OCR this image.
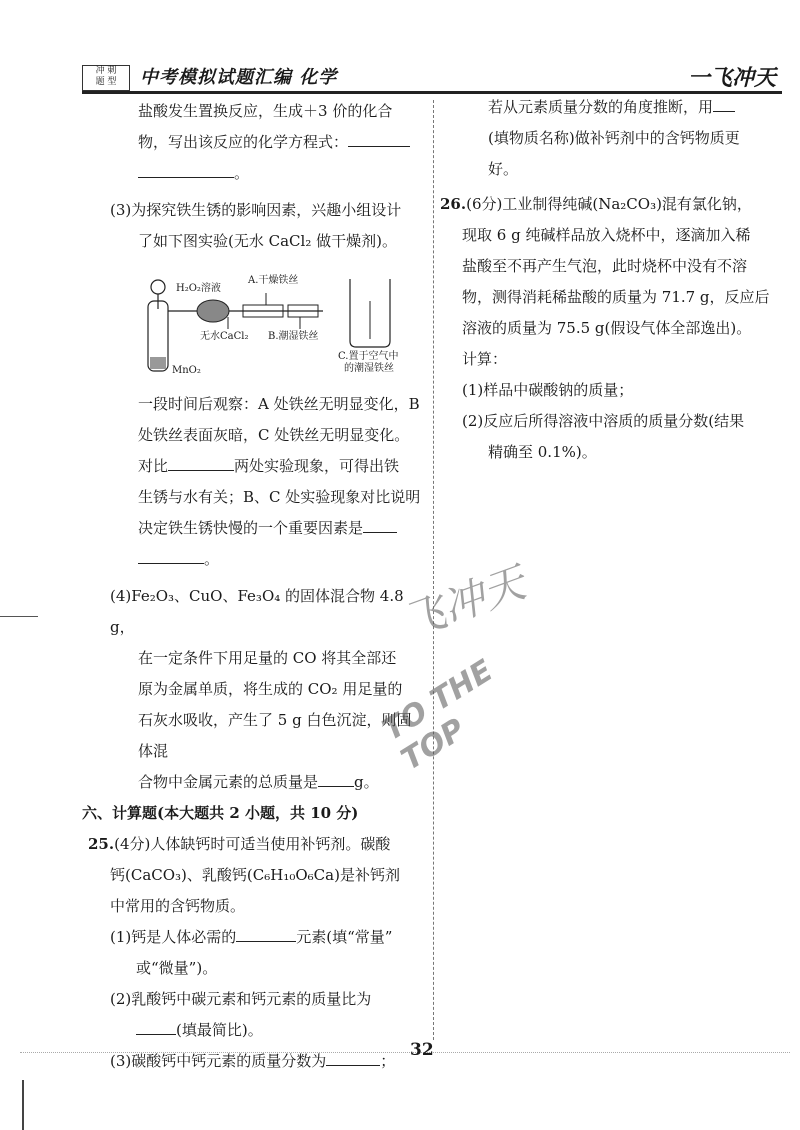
冲 刺
题 型	中考模拟试题汇编 化学	一飞冲天

盐酸发生置换反应，生成＋3 价的化合

物，写出该反应的化学方程式：

。

(3)为探究铁生锈的影响因素，兴趣小组设计

了如下图实验(无水 CaCl₂ 做干燥剂)。

H₂O₂溶液
A.干燥铁丝
无水CaCl₂ B.潮湿铁丝
C.置于空气中
的潮湿铁丝
MnO₂

一段时间后观察：A 处铁丝无明显变化，B

处铁丝表面灰暗，C 处铁丝无明显变化。

对比	两处实验现象，可得出铁

生锈与水有关；B、C 处实验现象对比说明

决定铁生锈快慢的一个重要因素是

。

(4)Fe₂O₃、CuO、Fe₃O₄ 的固体混合物 4.8 g，

在一定条件下用足量的 CO 将其全部还

原为金属单质，将生成的 CO₂ 用足量的

石灰水吸收，产生了 5 g 白色沉淀，则固体混

合物中金属元素的总质量是 g。

六、计算题(本大题共 2 小题，共 10 分)

25.(4分)人体缺钙时可适当使用补钙剂。碳酸

钙(CaCO₃)、乳酸钙(C₆H₁₀O₆Ca)是补钙剂

中常用的含钙物质。

(1)钙是人体必需的	元素(填“常量”

或“微量”)。

(2)乳酸钙中碳元素和钙元素的质量比为

(填最简比)。

(3)碳酸钙中钙元素的质量分数为	；

若从元素质量分数的角度推断，用

(填物质名称)做补钙剂中的含钙物质更

好。

26.(6分)工业制得纯碱(Na₂CO₃)混有氯化钠，

现取 6 g 纯碱样品放入烧杯中，逐滴加入稀

盐酸至不再产生气泡，此时烧杯中没有不溶

物，测得消耗稀盐酸的质量为 71.7 g，反应后

溶液的质量为 75.5 g(假设气体全部逸出)。

计算：

(1)样品中碳酸钠的质量；

(2)反应后所得溶液中溶质的质量分数(结果

精确至 0.1%)。

飞冲天
TO THE TOP
32
